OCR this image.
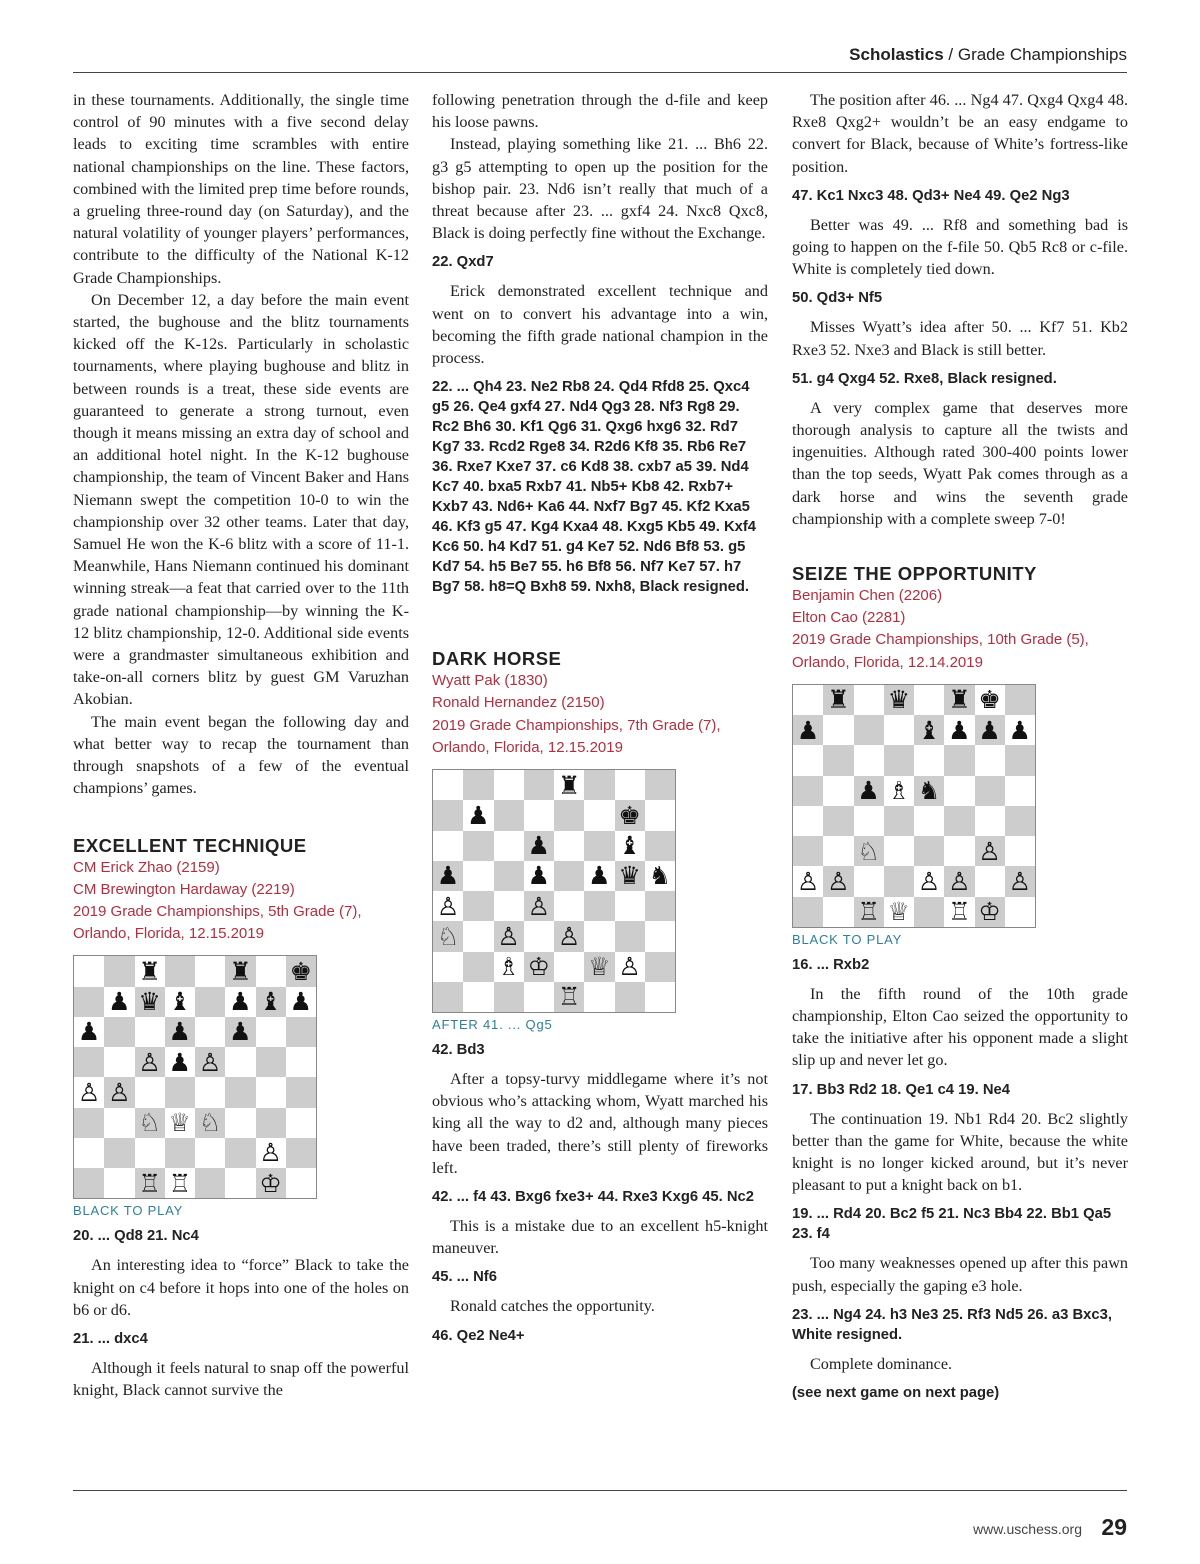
Scholastics / Grade Championships

in these tournaments. Additionally, the single time control of 90 minutes with a five second delay leads to exciting time scrambles with entire national championships on the line. These factors, combined with the limited prep time before rounds, a grueling three-round day (on Saturday), and the natural volatility of younger players’ performances, contribute to the difficulty of the National K-12 Grade Championships.

On December 12, a day before the main event started, the bughouse and the blitz tournaments kicked off the K-12s. Particularly in scholastic tournaments, where playing bughouse and blitz in between rounds is a treat, these side events are guaranteed to generate a strong turnout, even though it means missing an extra day of school and an additional hotel night. In the K-12 bughouse championship, the team of Vincent Baker and Hans Niemann swept the competition 10-0 to win the championship over 32 other teams. Later that day, Samuel He won the K-6 blitz with a score of 11-1. Meanwhile, Hans Niemann continued his dominant winning streak—a feat that carried over to the 11th grade national championship—by winning the K-12 blitz championship, 12-0. Additional side events were a grandmaster simultaneous exhibition and take-on-all corners blitz by guest GM Varuzhan Akobian.

The main event began the following day and what better way to recap the tournament than through snapshots of a few of the eventual champions’ games.

EXCELLENT TECHNIQUE
CM Erick Zhao (2159)
CM Brewington Hardaway (2219)
2019 Grade Championships, 5th Grade (7),
Orlando, Florida, 12.15.2019
♜	♜ ♚
♟ ♛ ♝ ♟ ♝ ♟
♟	♟ ♟
♙ ♟ ♙
♙ ♙
♘ ♕ ♘
♙
♖ ♖	♔
BLACK TO PLAY
20. ... Qd8 21. Nc4

An interesting idea to “force” Black to take the knight on c4 before it hops into one of the holes on b6 or d6.

21. ... dxc4

Although it feels natural to snap off the powerful knight, Black cannot survive the

following penetration through the d-file and keep his loose pawns.

Instead, playing something like 21. ... Bh6 22. g3 g5 attempting to open up the position for the bishop pair. 23. Nd6 isn’t really that much of a threat because after 23. ... gxf4 24. Nxc8 Qxc8, Black is doing perfectly fine without the Exchange.

22. Qxd7

Erick demonstrated excellent technique and went on to convert his advantage into a win, becoming the fifth grade national champion in the process.

22. ... Qh4 23. Ne2 Rb8 24. Qd4 Rfd8 25. Qxc4 g5 26. Qe4 gxf4 27. Nd4 Qg3 28. Nf3 Rg8 29. Rc2 Bh6 30. Kf1 Qg6 31. Qxg6 hxg6 32. Rd7 Kg7 33. Rcd2 Rge8 34. R2d6 Kf8 35. Rb6 Re7 36. Rxe7 Kxe7 37. c6 Kd8 38. cxb7 a5 39. Nd4 Kc7 40. bxa5 Rxb7 41. Nb5+ Kb8 42. Rxb7+ Kxb7 43. Nd6+ Ka6 44. Nxf7 Bg7 45. Kf2 Kxa5 46. Kf3 g5 47. Kg4 Kxa4 48. Kxg5 Kb5 49. Kxf4 Kc6 50. h4 Kd7 51. g4 Ke7 52. Nd6 Bf8 53. g5 Kd7 54. h5 Be7 55. h6 Bf8 56. Nf7 Ke7 57. h7 Bg7 58. h8=Q Bxh8 59. Nxh8, Black resigned.
DARK HORSE
Wyatt Pak (1830)
Ronald Hernandez (2150)
2019 Grade Championships, 7th Grade (7),
Orlando, Florida, 12.15.2019
♜
♟	♚
♟	♝
♟	♟ ♟ ♛ ♞
♙	♙
♘ ♙ ♙
♗ ♔ ♕ ♙
♖
AFTER 41. ... Qg5
42. Bd3

After a topsy-turvy middlegame where it’s not obvious who’s attacking whom, Wyatt marched his king all the way to d2 and, although many pieces have been traded, there’s still plenty of fireworks left.

42. ... f4 43. Bxg6 fxe3+ 44. Rxe3 Kxg6 45. Nc2

This is a mistake due to an excellent h5-knight maneuver.

45. ... Nf6

Ronald catches the opportunity.

46. Qe2 Ne4+

The position after 46. ... Ng4 47. Qxg4 Qxg4 48. Rxe8 Qxg2+ wouldn’t be an easy endgame to convert for Black, because of White’s fortress-like position.

47. Kc1 Nxc3 48. Qd3+ Ne4 49. Qe2 Ng3

Better was 49. ... Rf8 and something bad is going to happen on the f-file 50. Qb5 Rc8 or c-file. White is completely tied down.

50. Qd3+ Nf5

Misses Wyatt’s idea after 50. ... Kf7 51. Kb2 Rxe3 52. Nxe3 and Black is still better.

51. g4 Qxg4 52. Rxe8, Black resigned.

A very complex game that deserves more thorough analysis to capture all the twists and ingenuities. Although rated 300-400 points lower than the top seeds, Wyatt Pak comes through as a dark horse and wins the seventh grade championship with a complete sweep 7-0!

SEIZE THE OPPORTUNITY
Benjamin Chen (2206)
Elton Cao (2281)
2019 Grade Championships, 10th Grade (5),
Orlando, Florida, 12.14.2019
♜ ♛ ♜ ♚
♟	♝ ♟ ♟ ♟
♟ ♗ ♞
♘	♙
♙ ♙	♙ ♙ ♙
♖ ♕ ♖ ♔
BLACK TO PLAY
16. ... Rxb2

In the fifth round of the 10th grade championship, Elton Cao seized the opportunity to take the initiative after his opponent made a slight slip up and never let go.

17. Bb3 Rd2 18. Qe1 c4 19. Ne4

The continuation 19. Nb1 Rd4 20. Bc2 slightly better than the game for White, because the white knight is no longer kicked around, but it’s never pleasant to put a knight back on b1.

19. ... Rd4 20. Bc2 f5 21. Nc3 Bb4 22. Bb1 Qa5 23. f4

Too many weaknesses opened up after this pawn push, especially the gaping e3 hole.

23. ... Ng4 24. h3 Ne3 25. Rf3 Nd5 26. a3 Bxc3, White resigned.

Complete dominance.

(see next game on next page)
www.uschess.org 29
